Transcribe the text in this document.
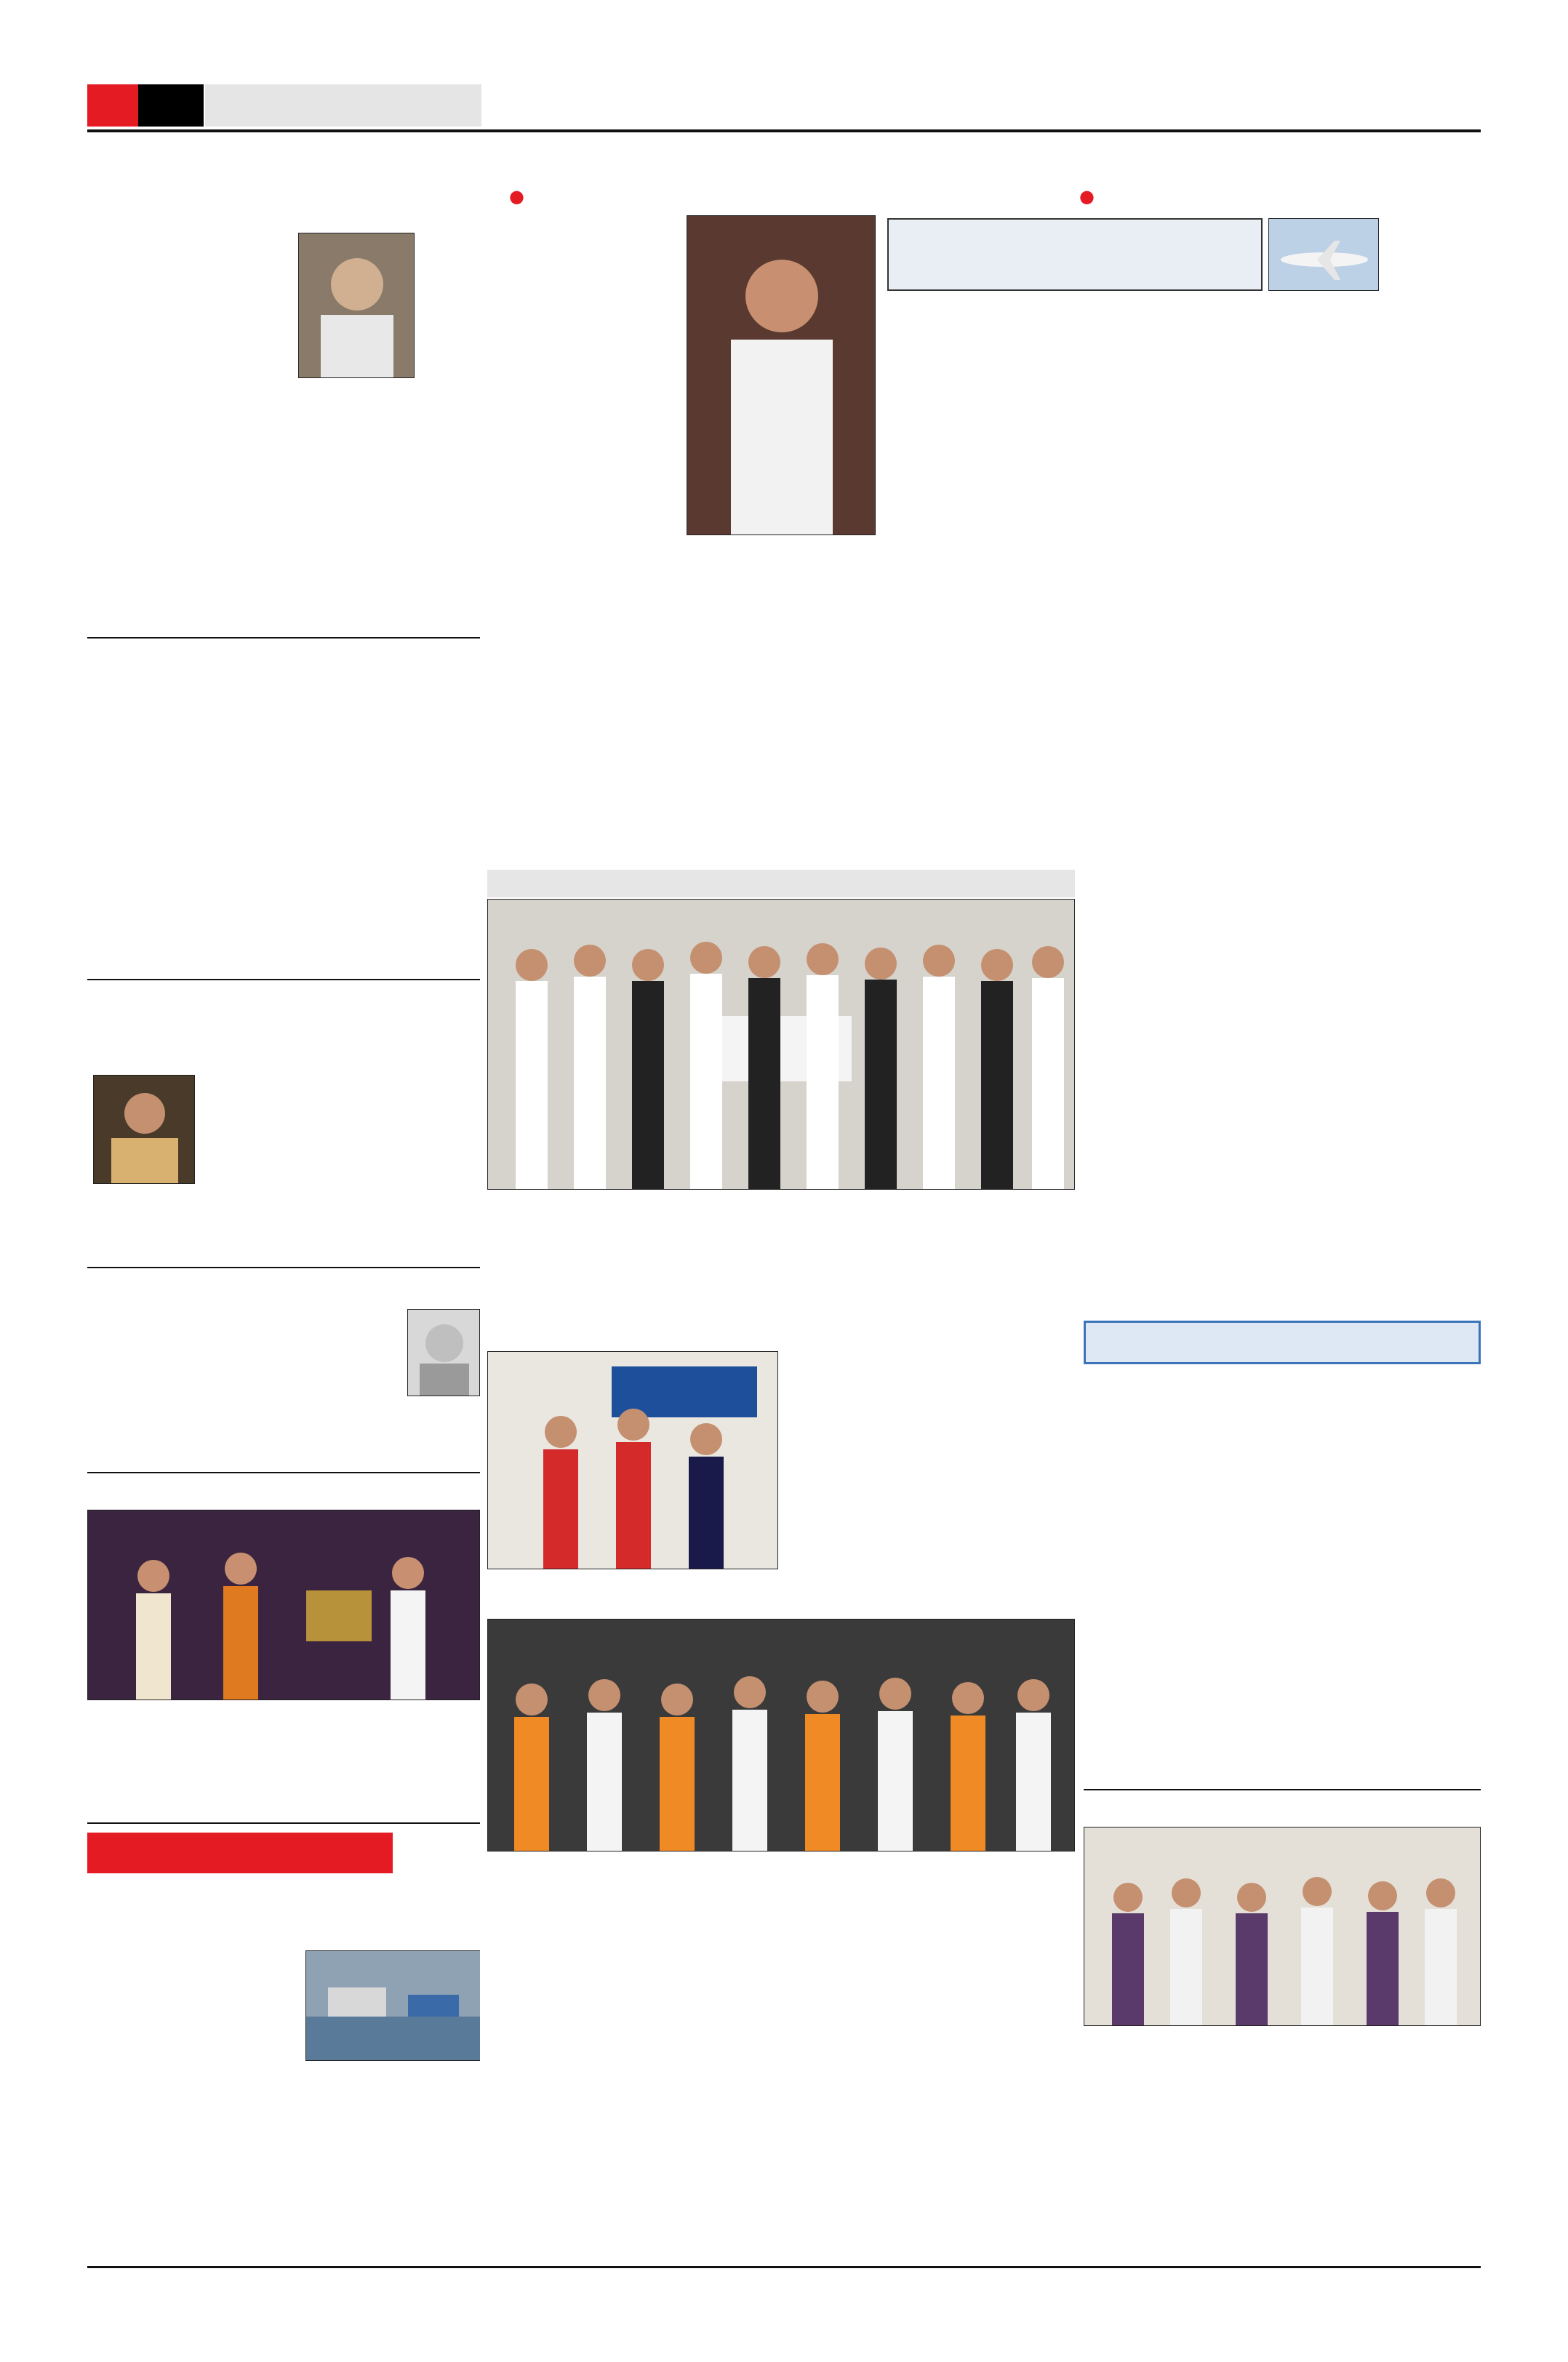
●	●
